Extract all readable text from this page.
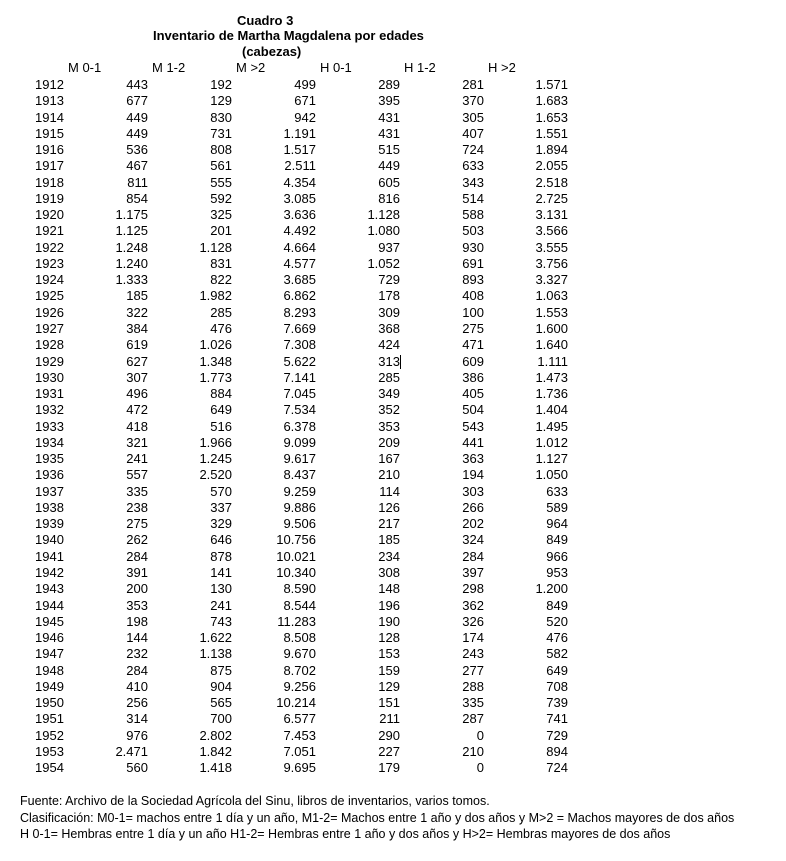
Cuadro 3
Inventario de Martha Magdalena por edades
(cabezas)
M 0-1	M 1-2	M >2	H 0-1	H 1-2	H >2
1912	443	192	499	289	281	1.571
1913	677	129	671	395	370	1.683
1914	449	830	942	431	305	1.653
1915	449	731	1.191	431	407	1.551
1916	536	808	1.517	515	724	1.894
1917	467	561	2.511	449	633	2.055
1918	811	555	4.354	605	343	2.518
1919	854	592	3.085	816	514	2.725
1920	1.175	325	3.636	1.128	588	3.131
1921	1.125	201	4.492	1.080	503	3.566
1922	1.248	1.128	4.664	937	930	3.555
1923	1.240	831	4.577	1.052	691	3.756
1924	1.333	822	3.685	729	893	3.327
1925	185	1.982	6.862	178	408	1.063
1926	322	285	8.293	309	100	1.553
1927	384	476	7.669	368	275	1.600
1928	619	1.026	7.308	424	471	1.640
1929	627	1.348	5.622	313	609	1.111
1930	307	1.773	7.141	285	386	1.473
1931	496	884	7.045	349	405	1.736
1932	472	649	7.534	352	504	1.404
1933	418	516	6.378	353	543	1.495
1934	321	1.966	9.099	209	441	1.012
1935	241	1.245	9.617	167	363	1.127
1936	557	2.520	8.437	210	194	1.050
1937	335	570	9.259	114	303	633
1938	238	337	9.886	126	266	589
1939	275	329	9.506	217	202	964
1940	262	646	10.756	185	324	849
1941	284	878	10.021	234	284	966
1942	391	141	10.340	308	397	953
1943	200	130	8.590	148	298	1.200
1944	353	241	8.544	196	362	849
1945	198	743	11.283	190	326	520
1946	144	1.622	8.508	128	174	476
1947	232	1.138	9.670	153	243	582
1948	284	875	8.702	159	277	649
1949	410	904	9.256	129	288	708
1950	256	565	10.214	151	335	739
1951	314	700	6.577	211	287	741
1952	976	2.802	7.453	290	0	729
1953	2.471	1.842	7.051	227	210	894
1954	560	1.418	9.695	179	0	724
Fuente: Archivo de la Sociedad Agrícola del Sinu, libros de inventarios, varios tomos.
Clasificación: M0-1= machos entre 1 día y un año, M1-2= Machos entre 1 año y dos años y M>2 = Machos mayores de dos años
H 0-1= Hembras entre 1 día y un año H1-2= Hembras entre 1 año y dos años y H>2= Hembras mayores de dos años
